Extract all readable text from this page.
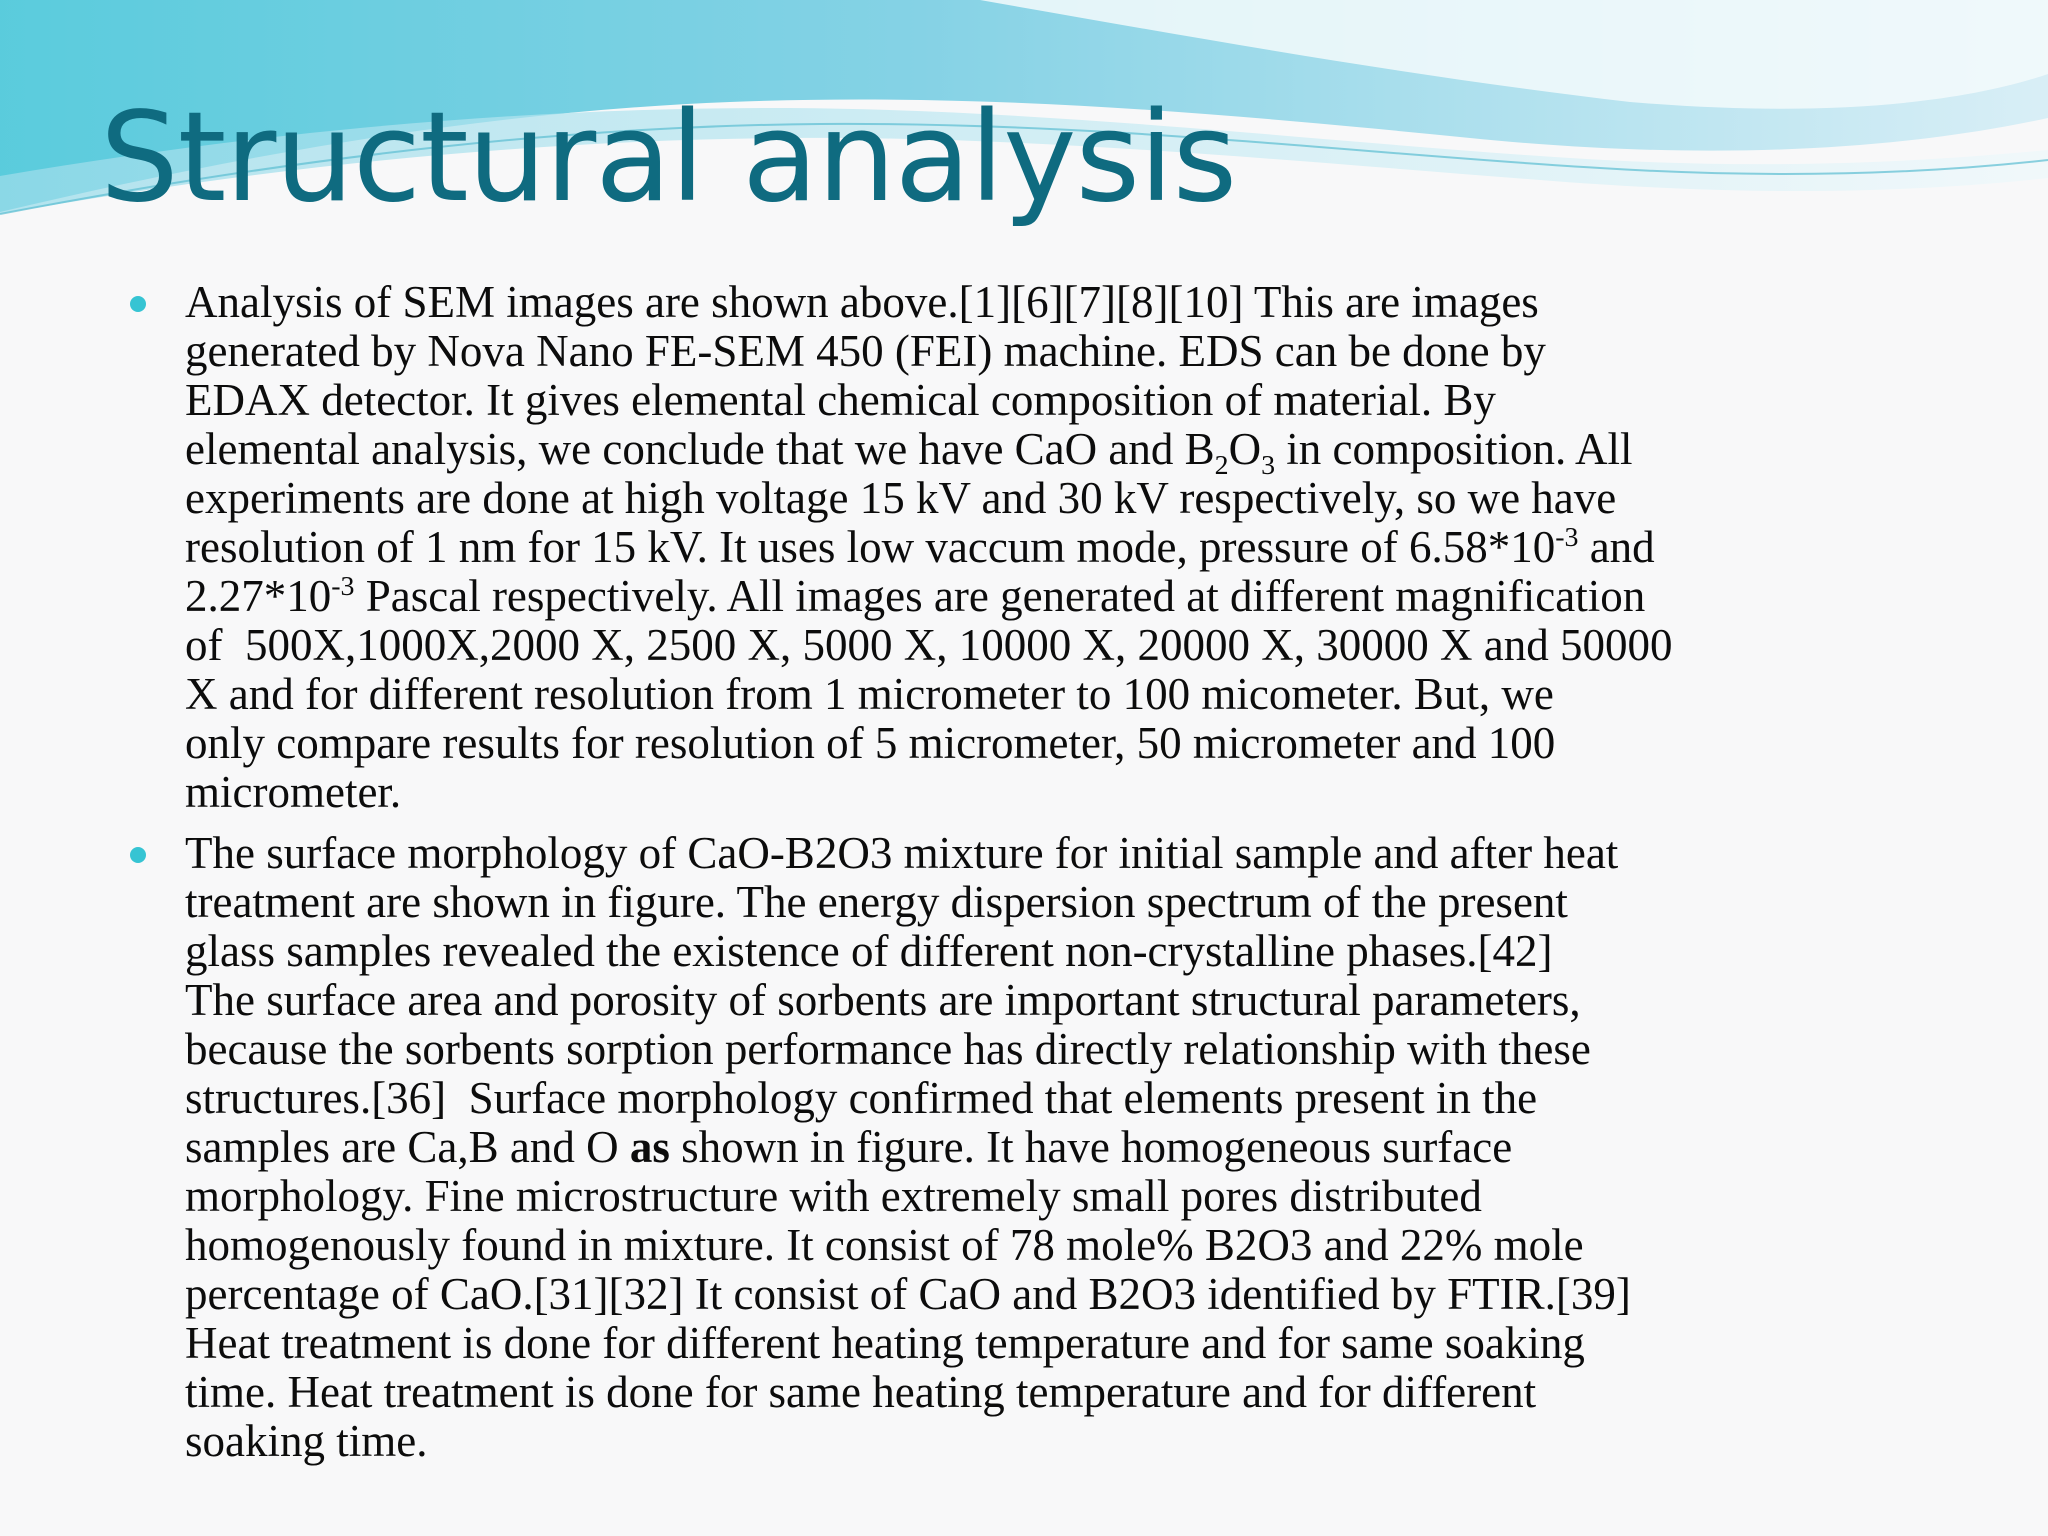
Structural analysis
Analysis of SEM images are shown above.[1][6][7][8][10] This are images
generated by Nova Nano FE-SEM 450 (FEI) machine. EDS can be done by
EDAX detector. It gives elemental chemical composition of material. By
elemental analysis, we conclude that we have CaO and $B_2O_3$ in composition. All
experiments are done at high voltage 15 kV and 30 kV respectively, so we have
resolution of 1 nm for 15 kV. It uses low vaccum mode, pressure of $6.58*10^{-3}$ and
$2.27*10^{-3}$ Pascal respectively. All images are generated at different magnification
of  500X,1000X,2000 X, 2500 X, 5000 X, 10000 X, 20000 X, 30000 X and 50000
X and for different resolution from 1 micrometer to 100 micometer. But, we
only compare results for resolution of 5 micrometer, 50 micrometer and 100
micrometer.
The surface morphology of CaO-B2O3 mixture for initial sample and after heat
treatment are shown in figure. The energy dispersion spectrum of the present
glass samples revealed the existence of different non-crystalline phases.[42]
The surface area and porosity of sorbents are important structural parameters,
because the sorbents sorption performance has directly relationship with these
structures.[36]  Surface morphology confirmed that elements present in the
samples are Ca,B and O as shown in figure. It have homogeneous surface
morphology. Fine microstructure with extremely small pores distributed
homogenously found in mixture. It consist of 78 mole% B2O3 and 22% mole
percentage of CaO.[31][32] It consist of CaO and B2O3 identified by FTIR.[39]
Heat treatment is done for different heating temperature and for same soaking
time. Heat treatment is done for same heating temperature and for different
soaking time.
